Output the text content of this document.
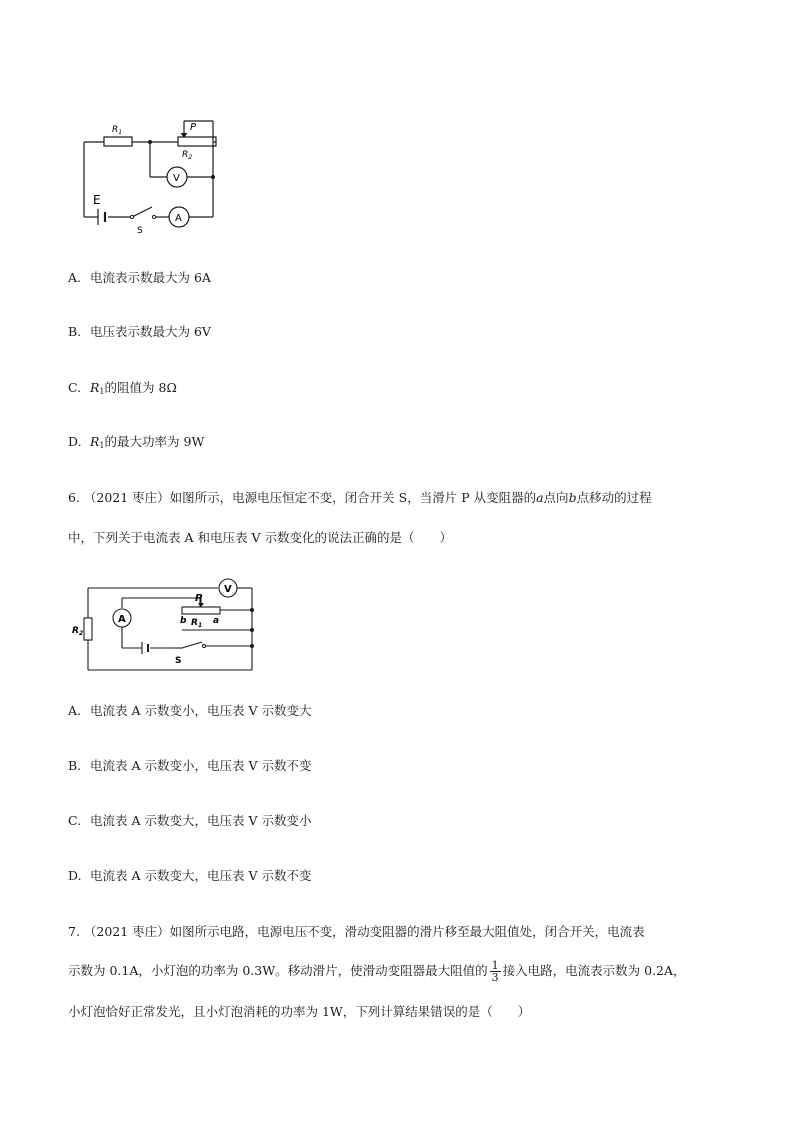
$R_1$	P
$R_2$
V
A
E
S
A. 电流表示数最大为 6A
B. 电压表示数最大为 6V
C. $R_1$的阻值为 8Ω
D. $R_1$的最大功率为 9W
6. （2021 枣庄）如图所示，电源电压恒定不变，闭合开关 S，当滑片 P 从变阻器的a点向b点移动的过程
中，下列关于电流表 A 和电压表 V 示数变化的说法正确的是（　　）
V
A
P
b $R_1$ a
$R_2$
S
A. 电流表 A 示数变小，电压表 V 示数变大
B. 电流表 A 示数变小，电压表 V 示数不变
C. 电流表 A 示数变大，电压表 V 示数变小
D. 电流表 A 示数变大，电压表 V 示数不变
7. （2021 枣庄）如图所示电路，电源电压不变，滑动变阻器的滑片移至最大阻值处，闭合开关，电流表
示数为 0.1A，小灯泡的功率为 0.3W。移动滑片，使滑动变阻器最大阻值的 $\frac{1}{3}$ 接入电路，电流表示数为 0.2A，
小灯泡恰好正常发光，且小灯泡消耗的功率为 1W，下列计算结果错误的是（　　）
